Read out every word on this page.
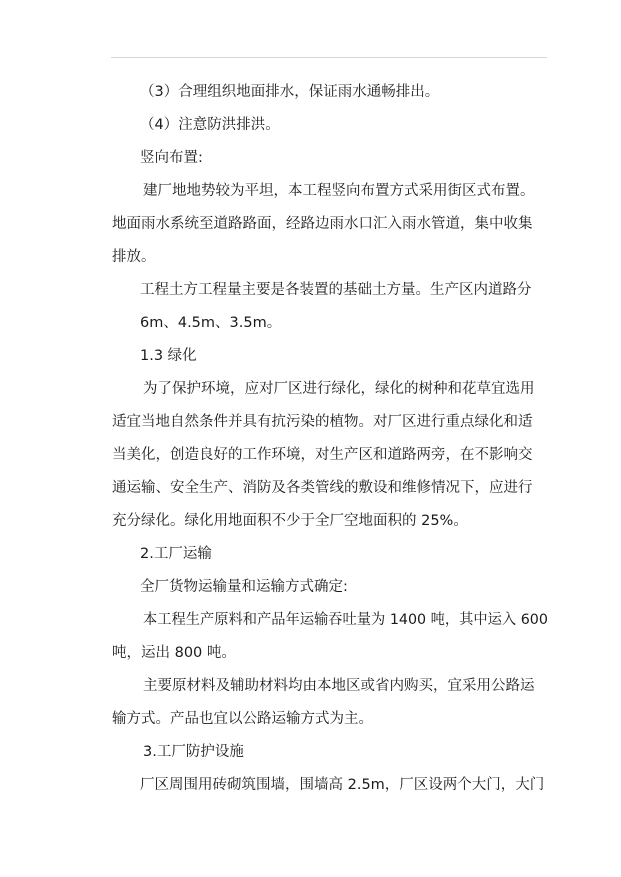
（3）合理组织地面排水，保证雨水通畅排出。
（4）注意防洪排洪。
竖向布置:
建厂地地势较为平坦，本工程竖向布置方式采用街区式布置。
地面雨水系统至道路路面，经路边雨水口汇入雨水管道，集中收集
排放。
工程土方工程量主要是各装置的基础土方量。生产区内道路分
6m、4.5m、3.5m。
1.3 绿化
为了保护环境，应对厂区进行绿化，绿化的树种和花草宜选用
适宜当地自然条件并具有抗污染的植物。对厂区进行重点绿化和适
当美化，创造良好的工作环境，对生产区和道路两旁，在不影响交
通运输、安全生产、消防及各类管线的敷设和维修情况下，应进行
充分绿化。绿化用地面积不少于全厂空地面积的 25%。
2.工厂运输
全厂货物运输量和运输方式确定:
本工程生产原料和产品年运输吞吐量为 1400 吨，其中运入 600
吨，运出 800 吨。
主要原材料及辅助材料均由本地区或省内购买，宜采用公路运
输方式。产品也宜以公路运输方式为主。
3.工厂防护设施
厂区周围用砖砌筑围墙，围墙高 2.5m，厂区设两个大门，大门
